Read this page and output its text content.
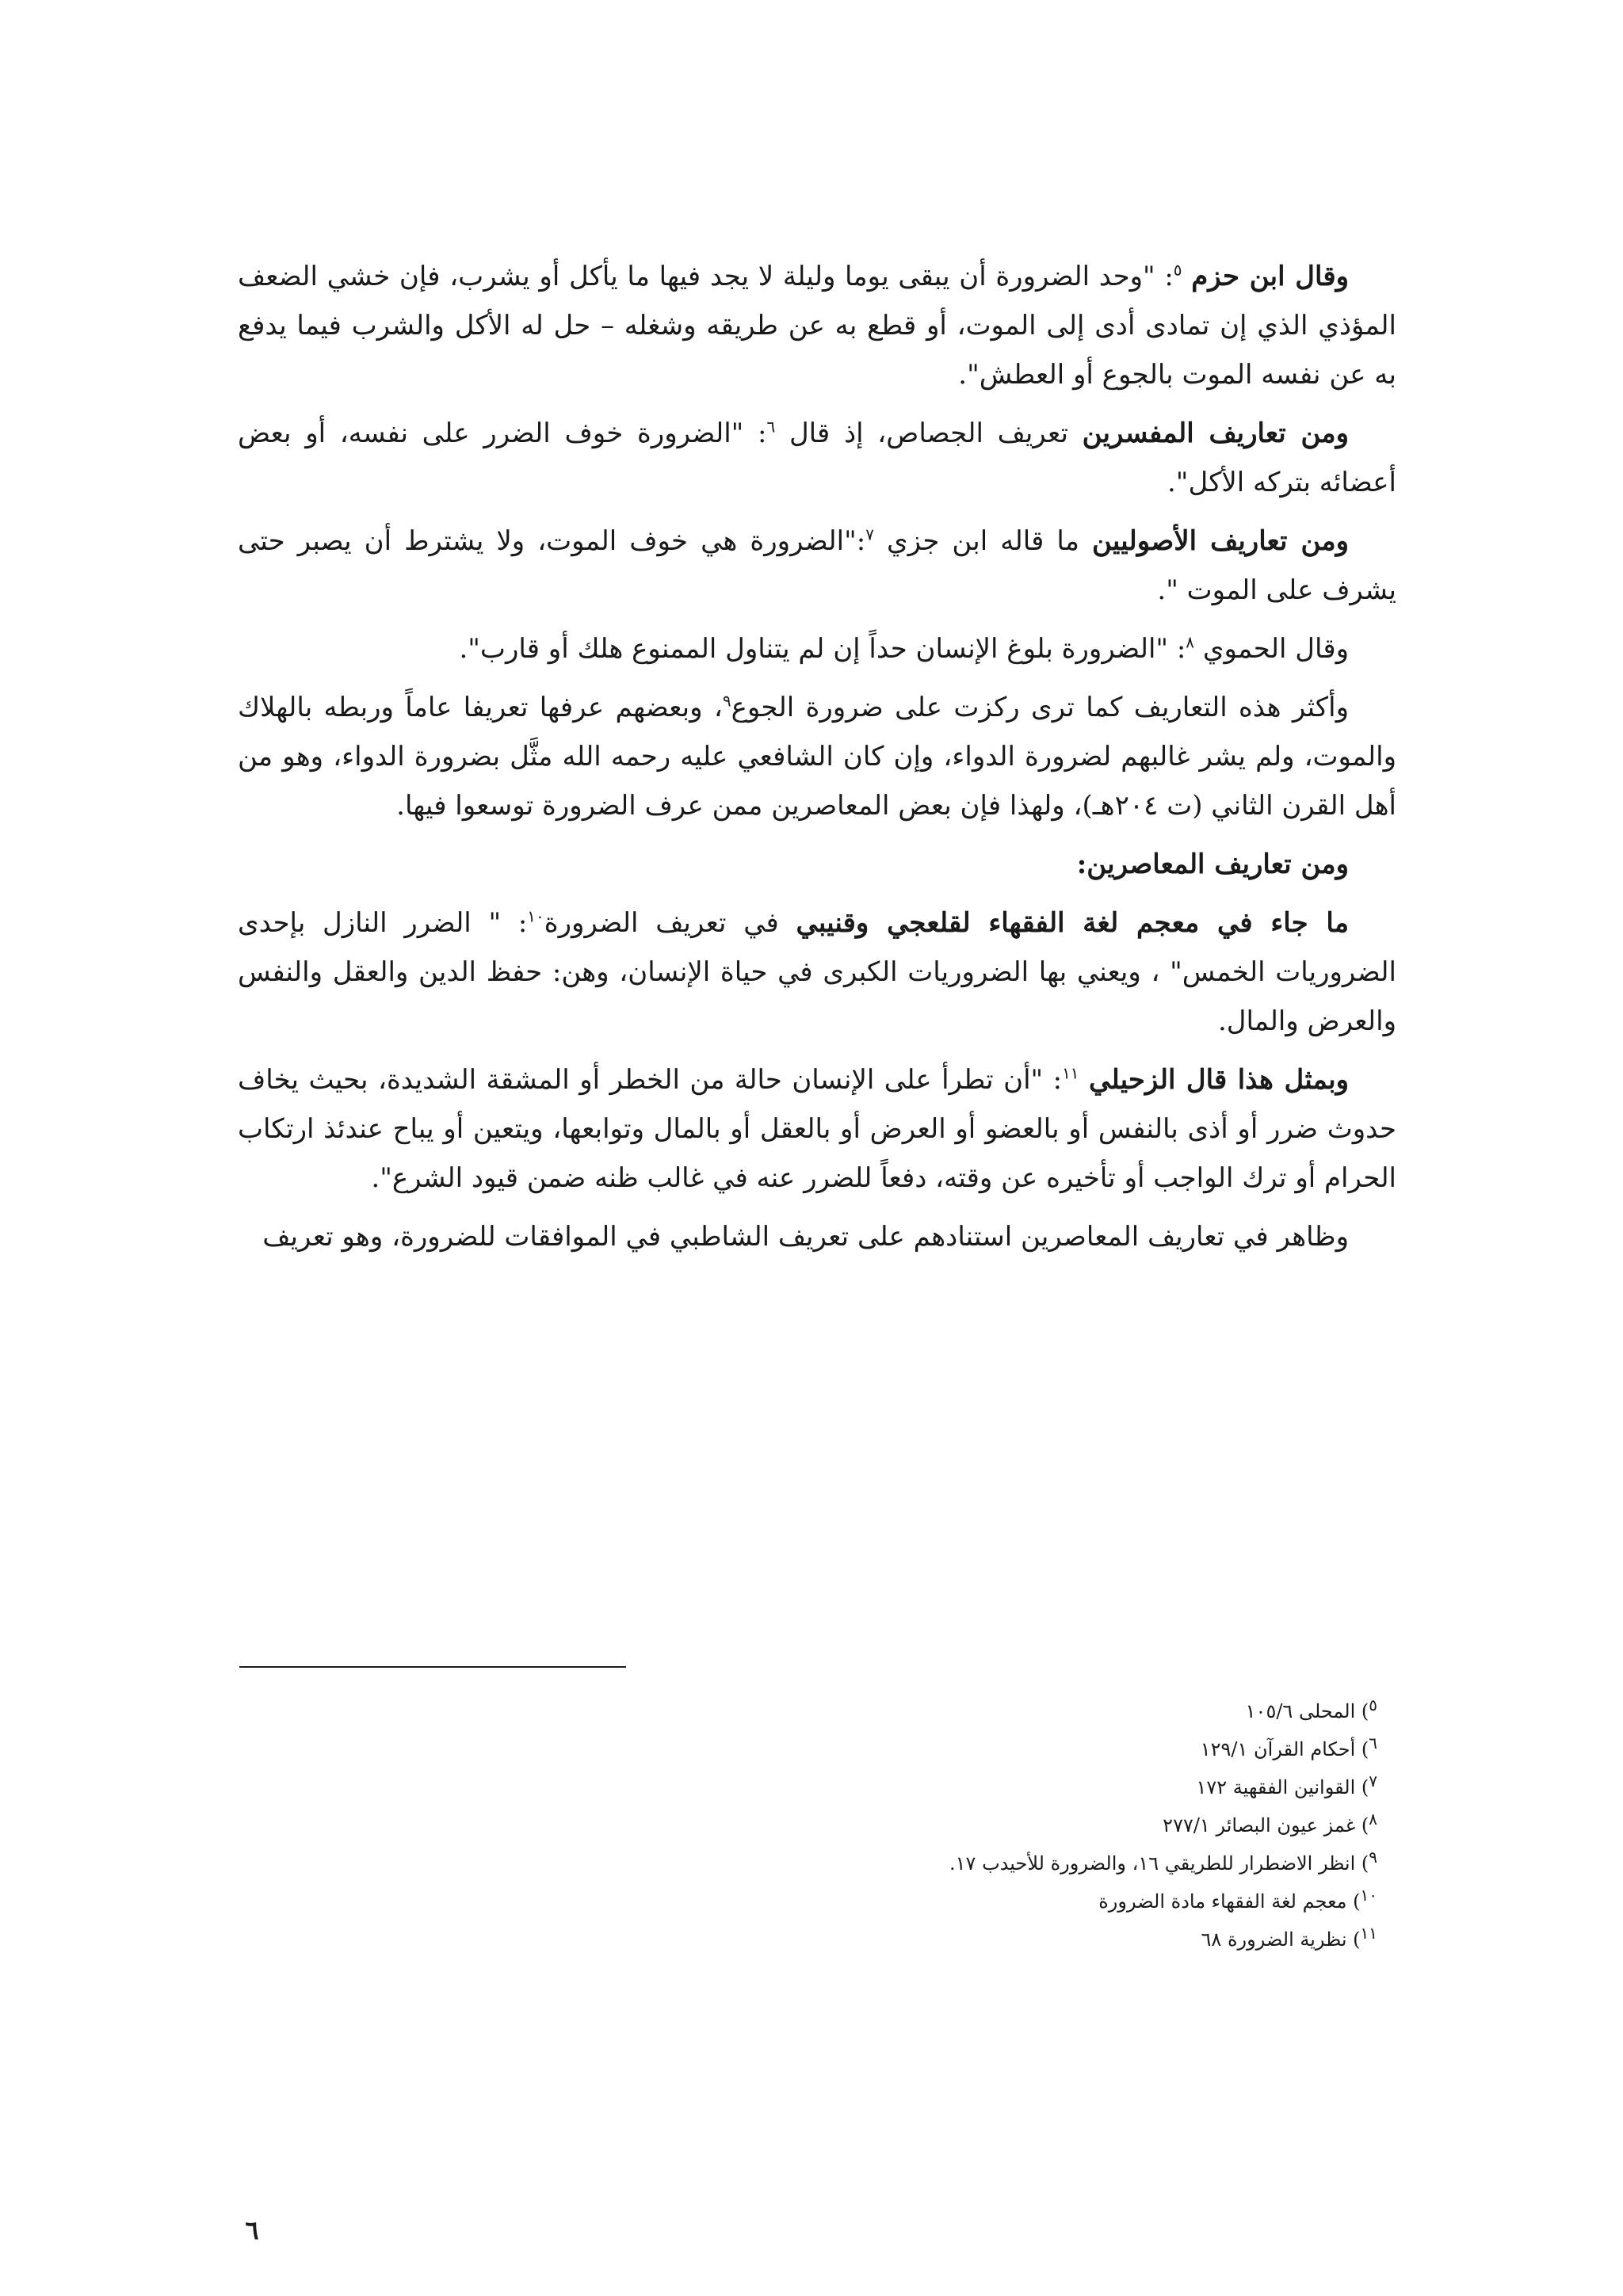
وقال ابن حزم $^٥$: "وحد الضرورة أن يبقى يوما وليلة لا يجد فيها ما يأكل أو يشرب، فإن خشي الضعف المؤذي الذي إن تمادى أدى إلى الموت، أو قطع به عن طريقه وشغله – حل له الأكل والشرب فيما يدفع به عن نفسه الموت بالجوع أو العطش".

ومن تعاريف المفسرين تعريف الجصاص، إذ قال $^٦$: "الضرورة خوف الضرر على نفسه، أو بعض أعضائه بتركه الأكل".

ومن تعاريف الأصوليين ما قاله ابن جزي $^٧$:"الضرورة هي خوف الموت، ولا يشترط أن يصبر حتى يشرف على الموت ".

وقال الحموي $^٨$: "الضرورة بلوغ الإنسان حداً إن لم يتناول الممنوع هلك أو قارب".

وأكثر هذه التعاريف كما ترى ركزت على ضرورة الجوع$^٩$، وبعضهم عرفها تعريفا عاماً وربطه بالهلاك والموت، ولم يشر غالبهم لضرورة الدواء، وإن كان الشافعي عليه رحمه الله مثَّل بضرورة الدواء، وهو من أهل القرن الثاني (ت ٢٠٤هـ)، ولهذا فإن بعض المعاصرين ممن عرف الضرورة توسعوا فيها.

ومن تعاريف المعاصرين:

ما جاء في معجم لغة الفقهاء لقلعجي وقنيبي في تعريف الضرورة$^{١٠}$: " الضرر النازل بإحدى الضروريات الخمس" ، ويعني بها الضروريات الكبرى في حياة الإنسان، وهن: حفظ الدين والعقل والنفس والعرض والمال.

وبمثل هذا قال الزحيلي $^{١١}$: "أن تطرأ على الإنسان حالة من الخطر أو المشقة الشديدة، بحيث يخاف حدوث ضرر أو أذى بالنفس أو بالعضو أو العرض أو بالعقل أو بالمال وتوابعها، ويتعين أو يباح عندئذ ارتكاب الحرام أو ترك الواجب أو تأخيره عن وقته، دفعاً للضرر عنه في غالب ظنه ضمن قيود الشرع".

وظاهر في تعاريف المعاصرين استنادهم على تعريف الشاطبي في الموافقات للضرورة، وهو تعريف

$^٥$) المحلى ١٠٥/٦
$^٦$) أحكام القرآن ١٢٩/١
$^٧$) القوانين الفقهية ١٧٢
$^٨$) غمز عيون البصائر ٢٧٧/١
$^٩$) انظر الاضطرار للطريقي ١٦، والضرورة للأحيدب ١٧.
$^{١٠}$) معجم لغة الفقهاء مادة الضرورة
$^{١١}$) نظرية الضرورة ٦٨
٦
